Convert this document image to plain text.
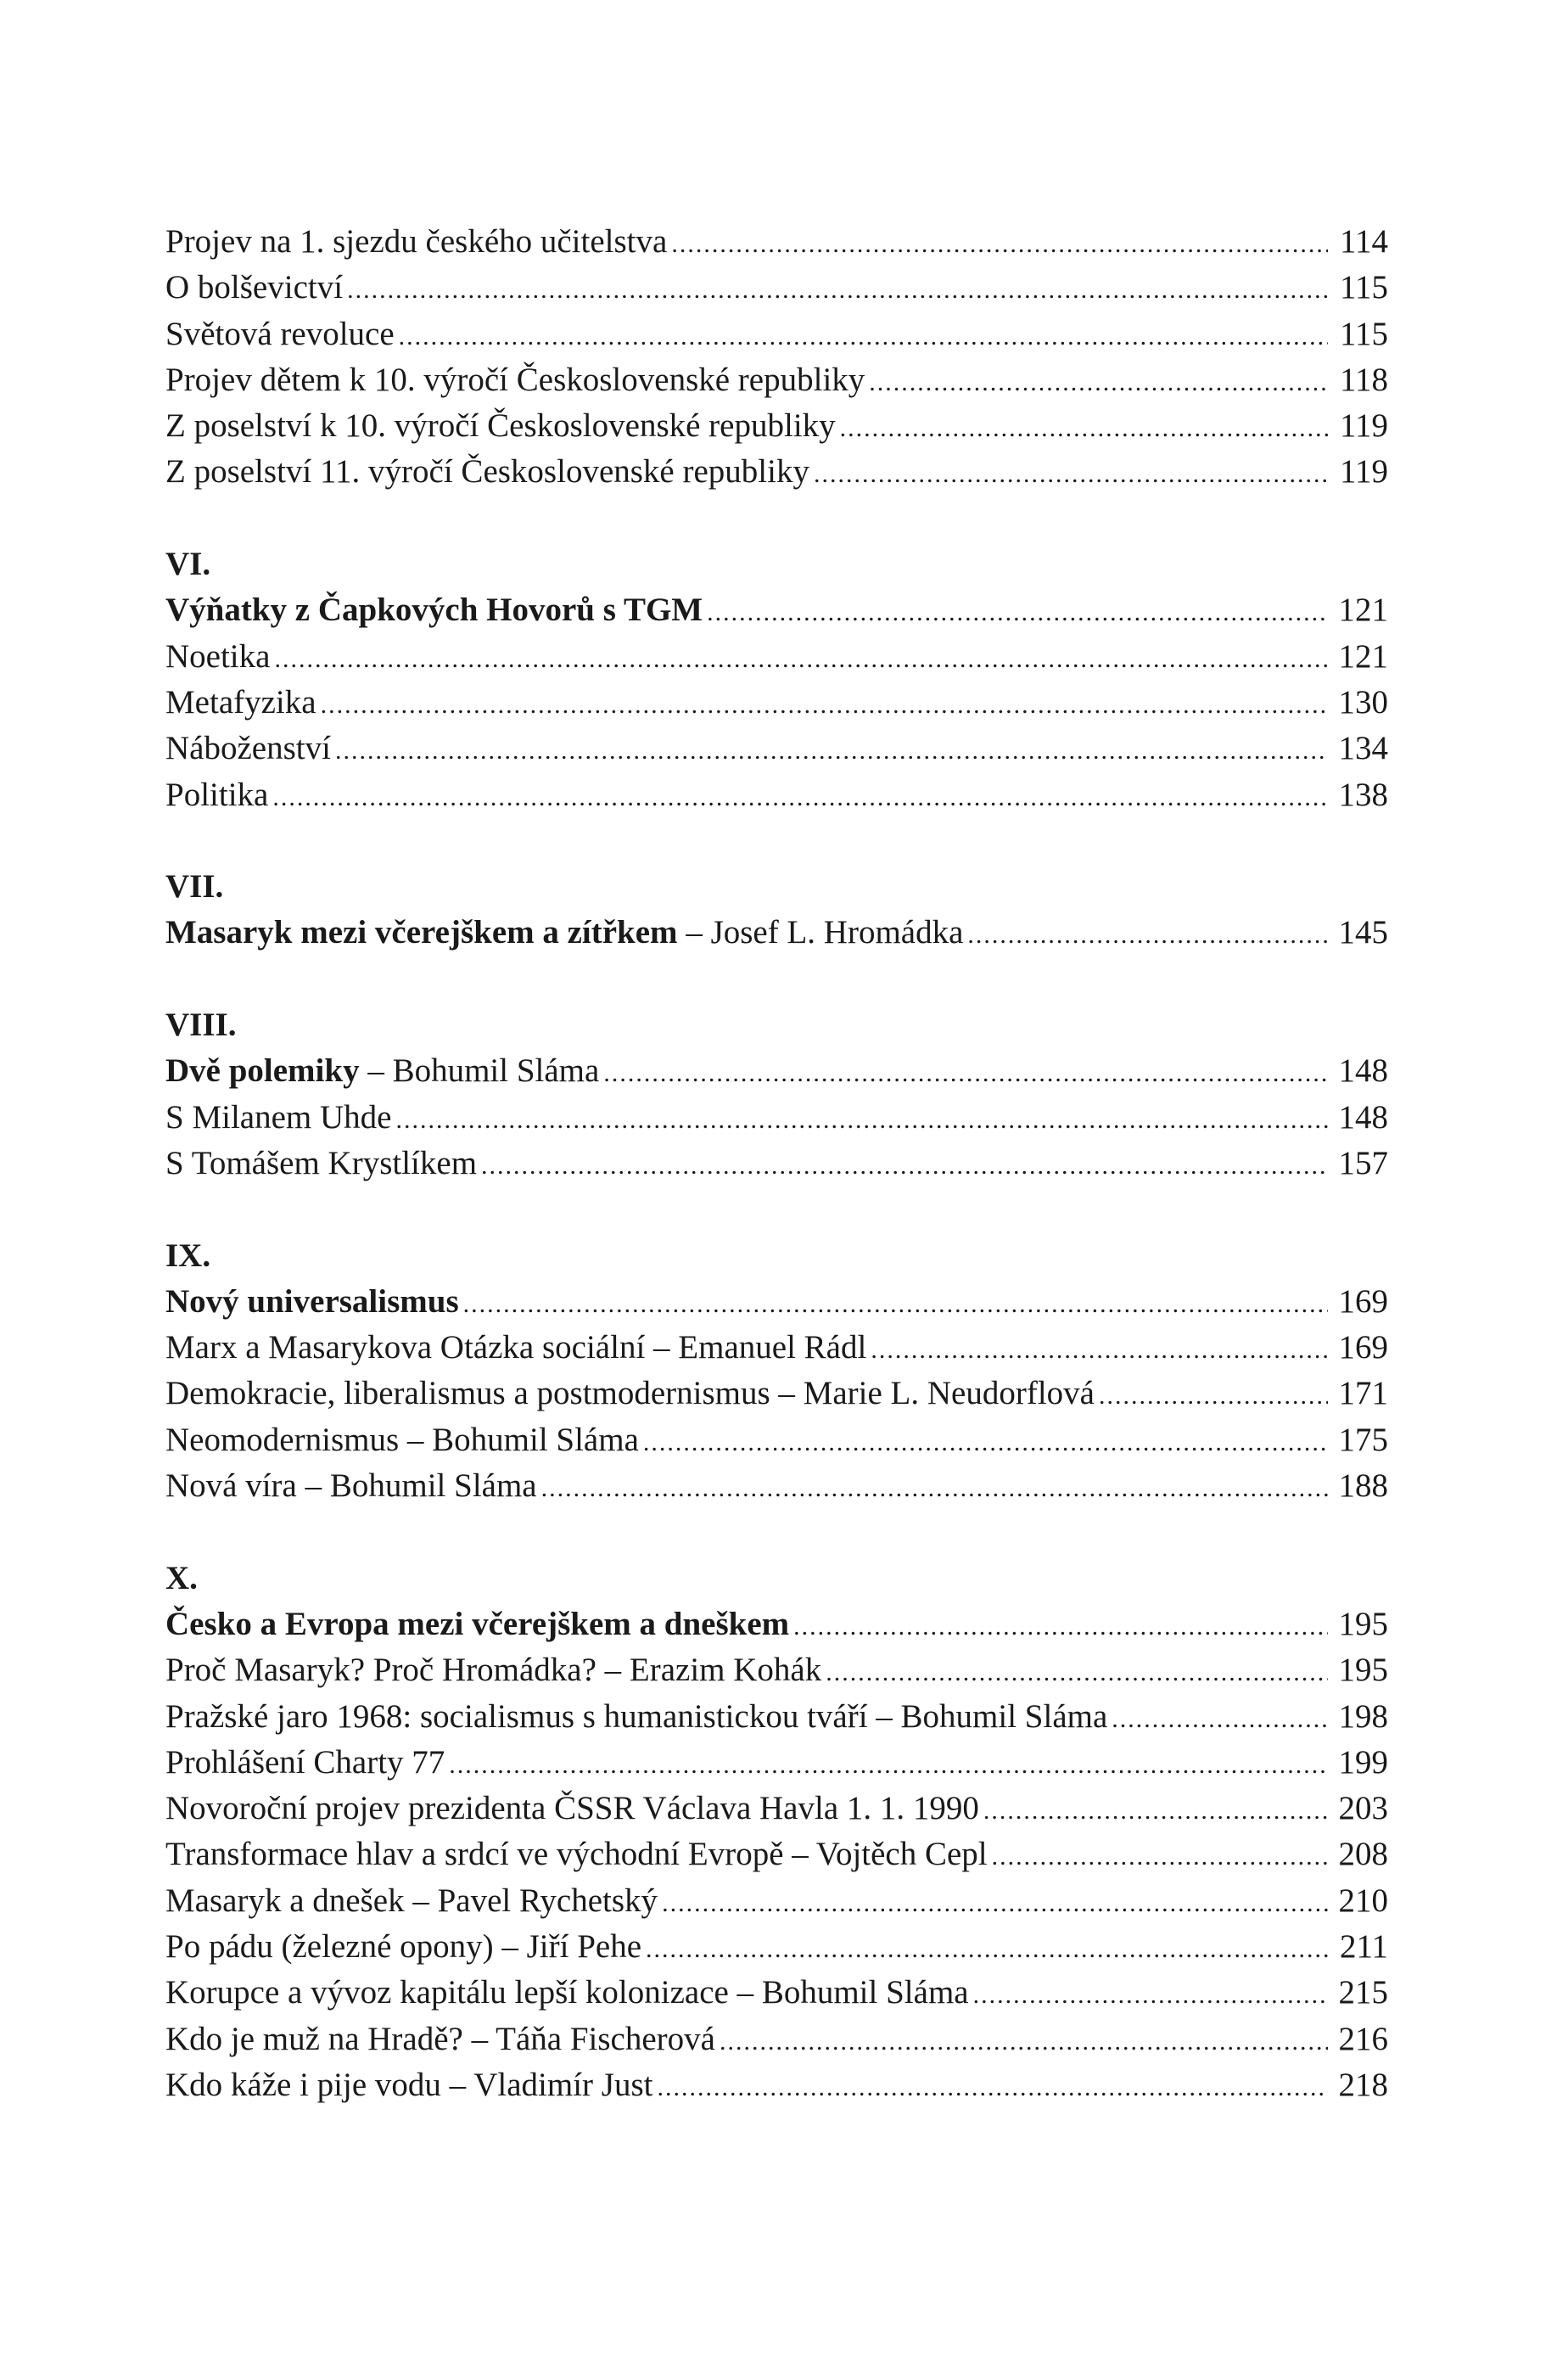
Projev na 1. sjezdu českého učitelstva .....	114
O bolševictví .....	115
Světová revoluce .....	115
Projev dětem k 10. výročí Československé republiky .....	118
Z poselství k 10. výročí Československé republiky .....	119
Z poselství 11. výročí Československé republiky .....	119
VI.
Výňatky z Čapkových Hovorů s TGM .....	121
Noetika .....	121
Metafyzika .....	130
Náboženství .....	134
Politika .....	138
VII.
Masaryk mezi včerejškem a zítřkem – Josef L. Hromádka .....	145
VIII.
Dvě polemiky – Bohumil Sláma .....	148
S Milanem Uhde .....	148
S Tomášem Krystlíkem .....	157
IX.
Nový universalismus .....	169
Marx a Masarykova Otázka sociální – Emanuel Rádl .....	169
Demokracie, liberalismus a postmodernismus – Marie L. Neudorflová .....	171
Neomodernismus – Bohumil Sláma .....	175
Nová víra – Bohumil Sláma .....	188
X.
Česko a Evropa mezi včerejškem a dneškem .....	195
Proč Masaryk? Proč Hromádka? – Erazim Kohák .....	195
Pražské jaro 1968: socialismus s humanistickou tváří – Bohumil Sláma .....	198
Prohlášení Charty 77 .....	199
Novoroční projev prezidenta ČSSR Václava Havla 1. 1. 1990 .....	203
Transformace hlav a srdcí ve východní Evropě – Vojtěch Cepl .....	208
Masaryk a dnešek – Pavel Rychetský .....	210
Po pádu (železné opony) – Jiří Pehe .....	211
Korupce a vývoz kapitálu lepší kolonizace – Bohumil Sláma .....	215
Kdo je muž na Hradě? – Táňa Fischerová .....	216
Kdo káže i pije vodu – Vladimír Just .....	218
